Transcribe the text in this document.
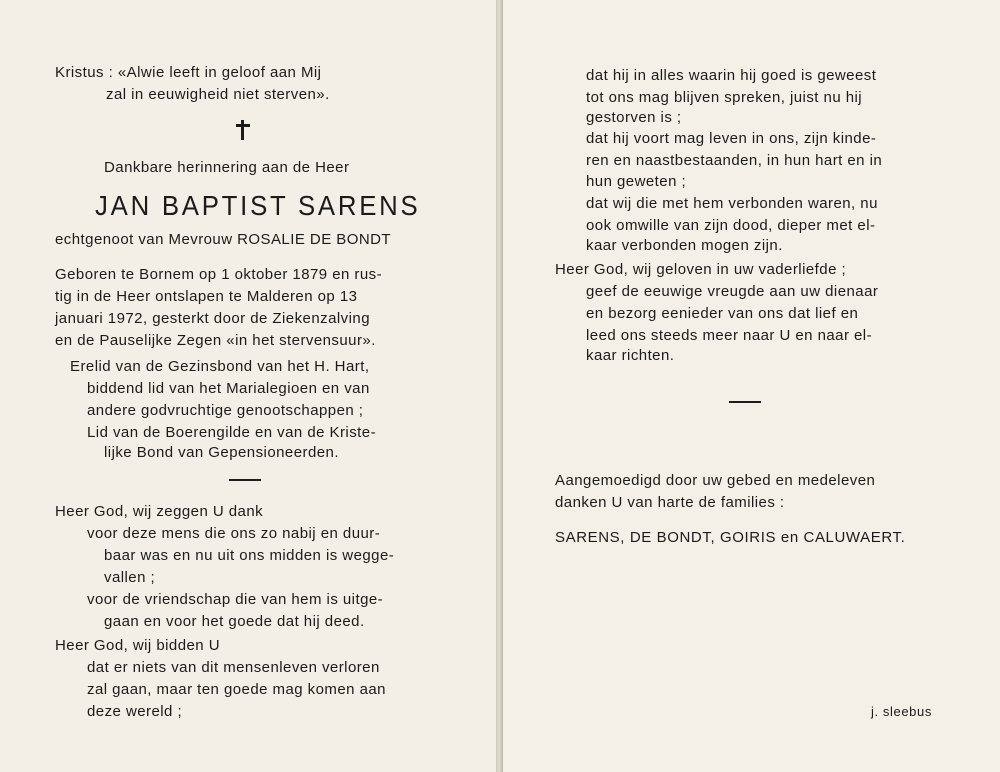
Kristus : «Alwie leeft in geloof aan Mij
zal in eeuwigheid niet sterven».
Dankbare herinnering aan de Heer
JAN BAPTIST SARENS
echtgenoot van Mevrouw ROSALIE DE BONDT
Geboren te Bornem op 1 oktober 1879 en rus-
tig in de Heer ontslapen te Malderen op 13
januari 1972, gesterkt door de Ziekenzalving
en de Pauselijke Zegen «in het stervensuur».
Erelid van de Gezinsbond van het H. Hart,
biddend lid van het Marialegioen en van
andere godvruchtige genootschappen ;
Lid van de Boerengilde en van de Kriste-
lijke Bond van Gepensioneerden.
Heer God, wij zeggen U dank
voor deze mens die ons zo nabij en duur-
baar was en nu uit ons midden is wegge-
vallen ;
voor de vriendschap die van hem is uitge-
gaan en voor het goede dat hij deed.
Heer God, wij bidden U
dat er niets van dit mensenleven verloren
zal gaan, maar ten goede mag komen aan
deze wereld ;
dat hij in alles waarin hij goed is geweest
tot ons mag blijven spreken, juist nu hij
gestorven is ;
dat hij voort mag leven in ons, zijn kinde-
ren en naastbestaanden, in hun hart en in
hun geweten ;
dat wij die met hem verbonden waren, nu
ook omwille van zijn dood, dieper met el-
kaar verbonden mogen zijn.
Heer God, wij geloven in uw vaderliefde ;
geef de eeuwige vreugde aan uw dienaar
en bezorg eenieder van ons dat lief en
leed ons steeds meer naar U en naar el-
kaar richten.
Aangemoedigd door uw gebed en medeleven
danken U van harte de families :
SARENS, DE BONDT, GOIRIS en CALUWAERT.
j. sleebus
